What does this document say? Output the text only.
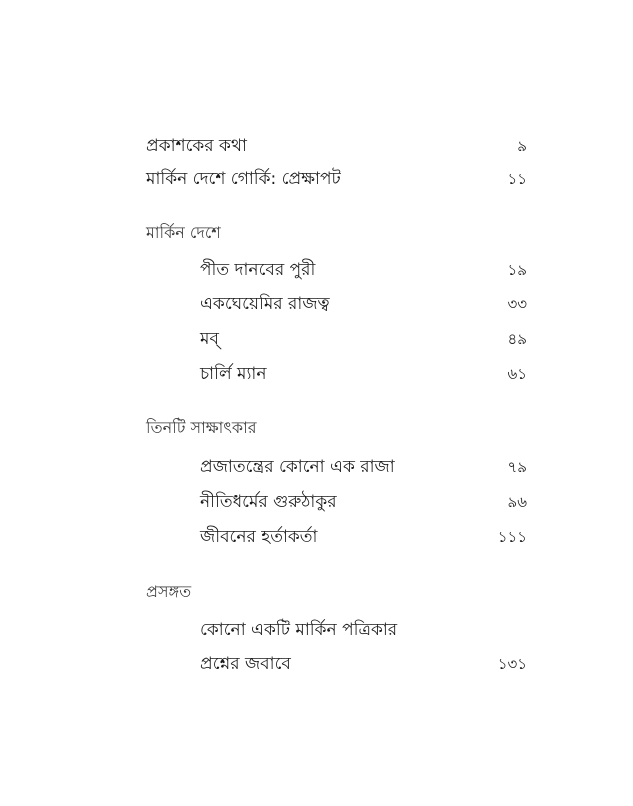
প্রকাশকের কথা	৯
মার্কিন দেশে গোর্কি: প্রেক্ষাপট	১১
মার্কিন দেশে
পীত দানবের পুরী	১৯
একঘেয়েমির রাজত্ব	৩৩
মব্	৪৯
চার্লি ম্যান	৬১
তিনটি সাক্ষাৎকার
প্রজাতন্ত্রের কোনো এক রাজা	৭৯
নীতিধর্মের গুরুঠাকুর	৯৬
জীবনের হর্তাকর্তা	১১১
প্রসঙ্গত
কোনো একটি মার্কিন পত্রিকার
প্রশ্নের জবাবে	১৩১
